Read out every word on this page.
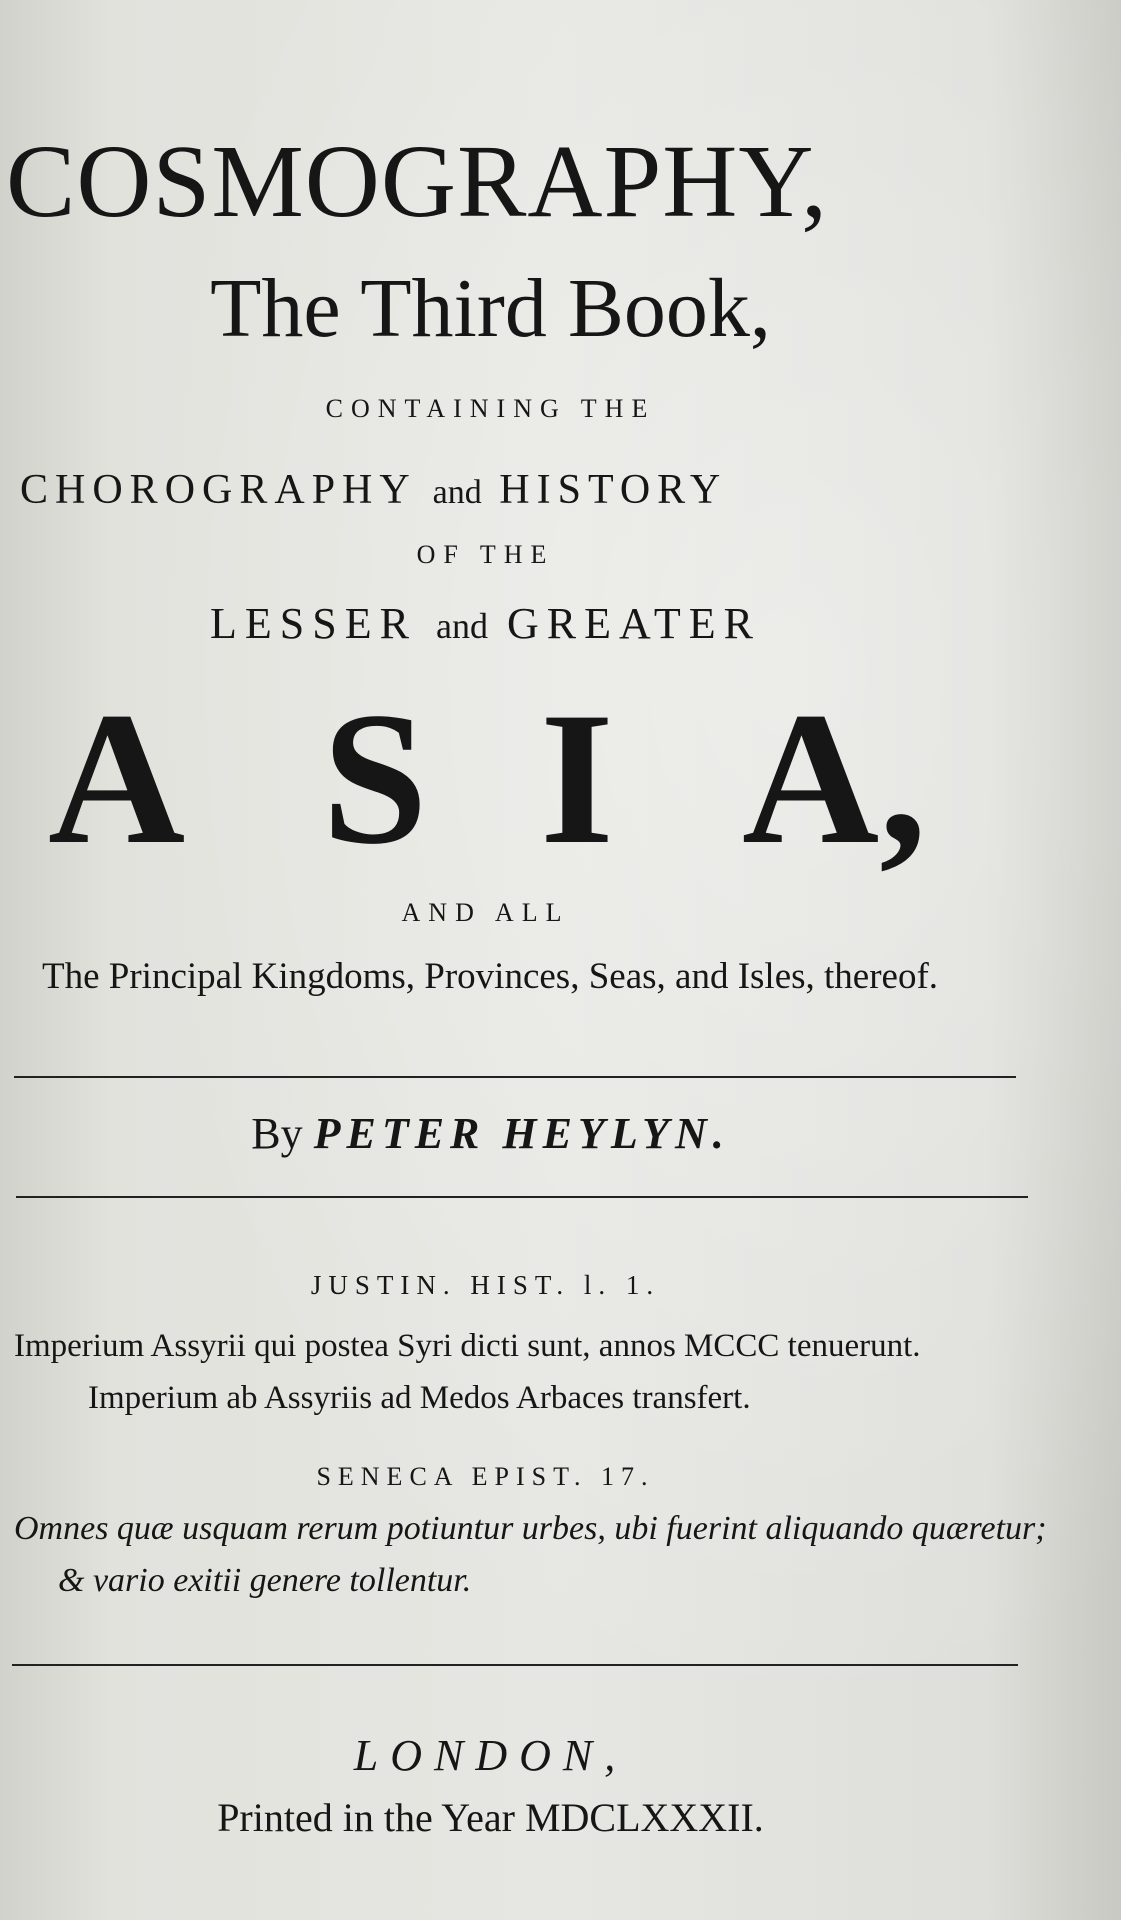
COSMOGRAPHY,
The Third Book,
CONTAINING THE
CHOROGRAPHY and HISTORY
OF THE
LESSER and GREATER
A S I A,
AND ALL
The Principal Kingdoms, Provinces, Seas, and Isles, thereof.
By PETER HEYLYN.
JUSTIN. HIST. l. 1.
Imperium Assyrii qui postea Syri dicti sunt, annos MCCC tenuerunt.
Imperium ab Assyriis ad Medos Arbaces transfert.
SENECA EPIST. 17.
Omnes quæ usquam rerum potiuntur urbes, ubi fuerint aliquando quæretur;
& vario exitii genere tollentur.
LONDON,
Printed in the Year MDCLXXXII.
